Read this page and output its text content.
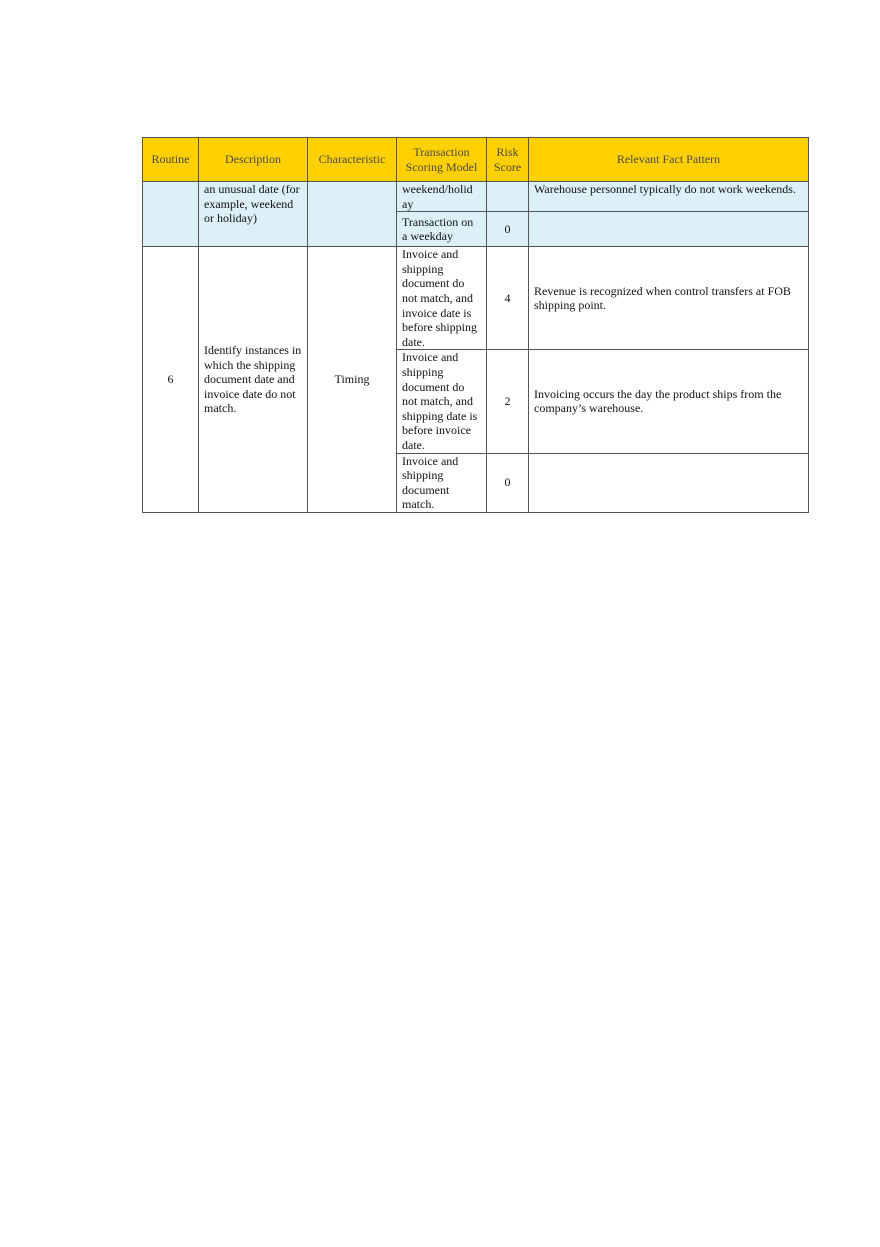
Routine	Description	Characteristic	Transaction Scoring Model	Risk Score	Relevant Fact Pattern
	an unusual date (for example, weekend or holiday)		weekend/holid ay		Warehouse personnel typically do not work weekends.
			Transaction on a weekday	0	
6	Identify instances in which the shipping document date and invoice date do not match.	Timing	Invoice and shipping document do not match, and invoice date is before shipping date.	4	Revenue is recognized when control transfers at FOB shipping point.
			Invoice and shipping document do not match, and shipping date is before invoice date.	2	Invoicing occurs the day the product ships from the company’s warehouse.
			Invoice and shipping document match.	0	
